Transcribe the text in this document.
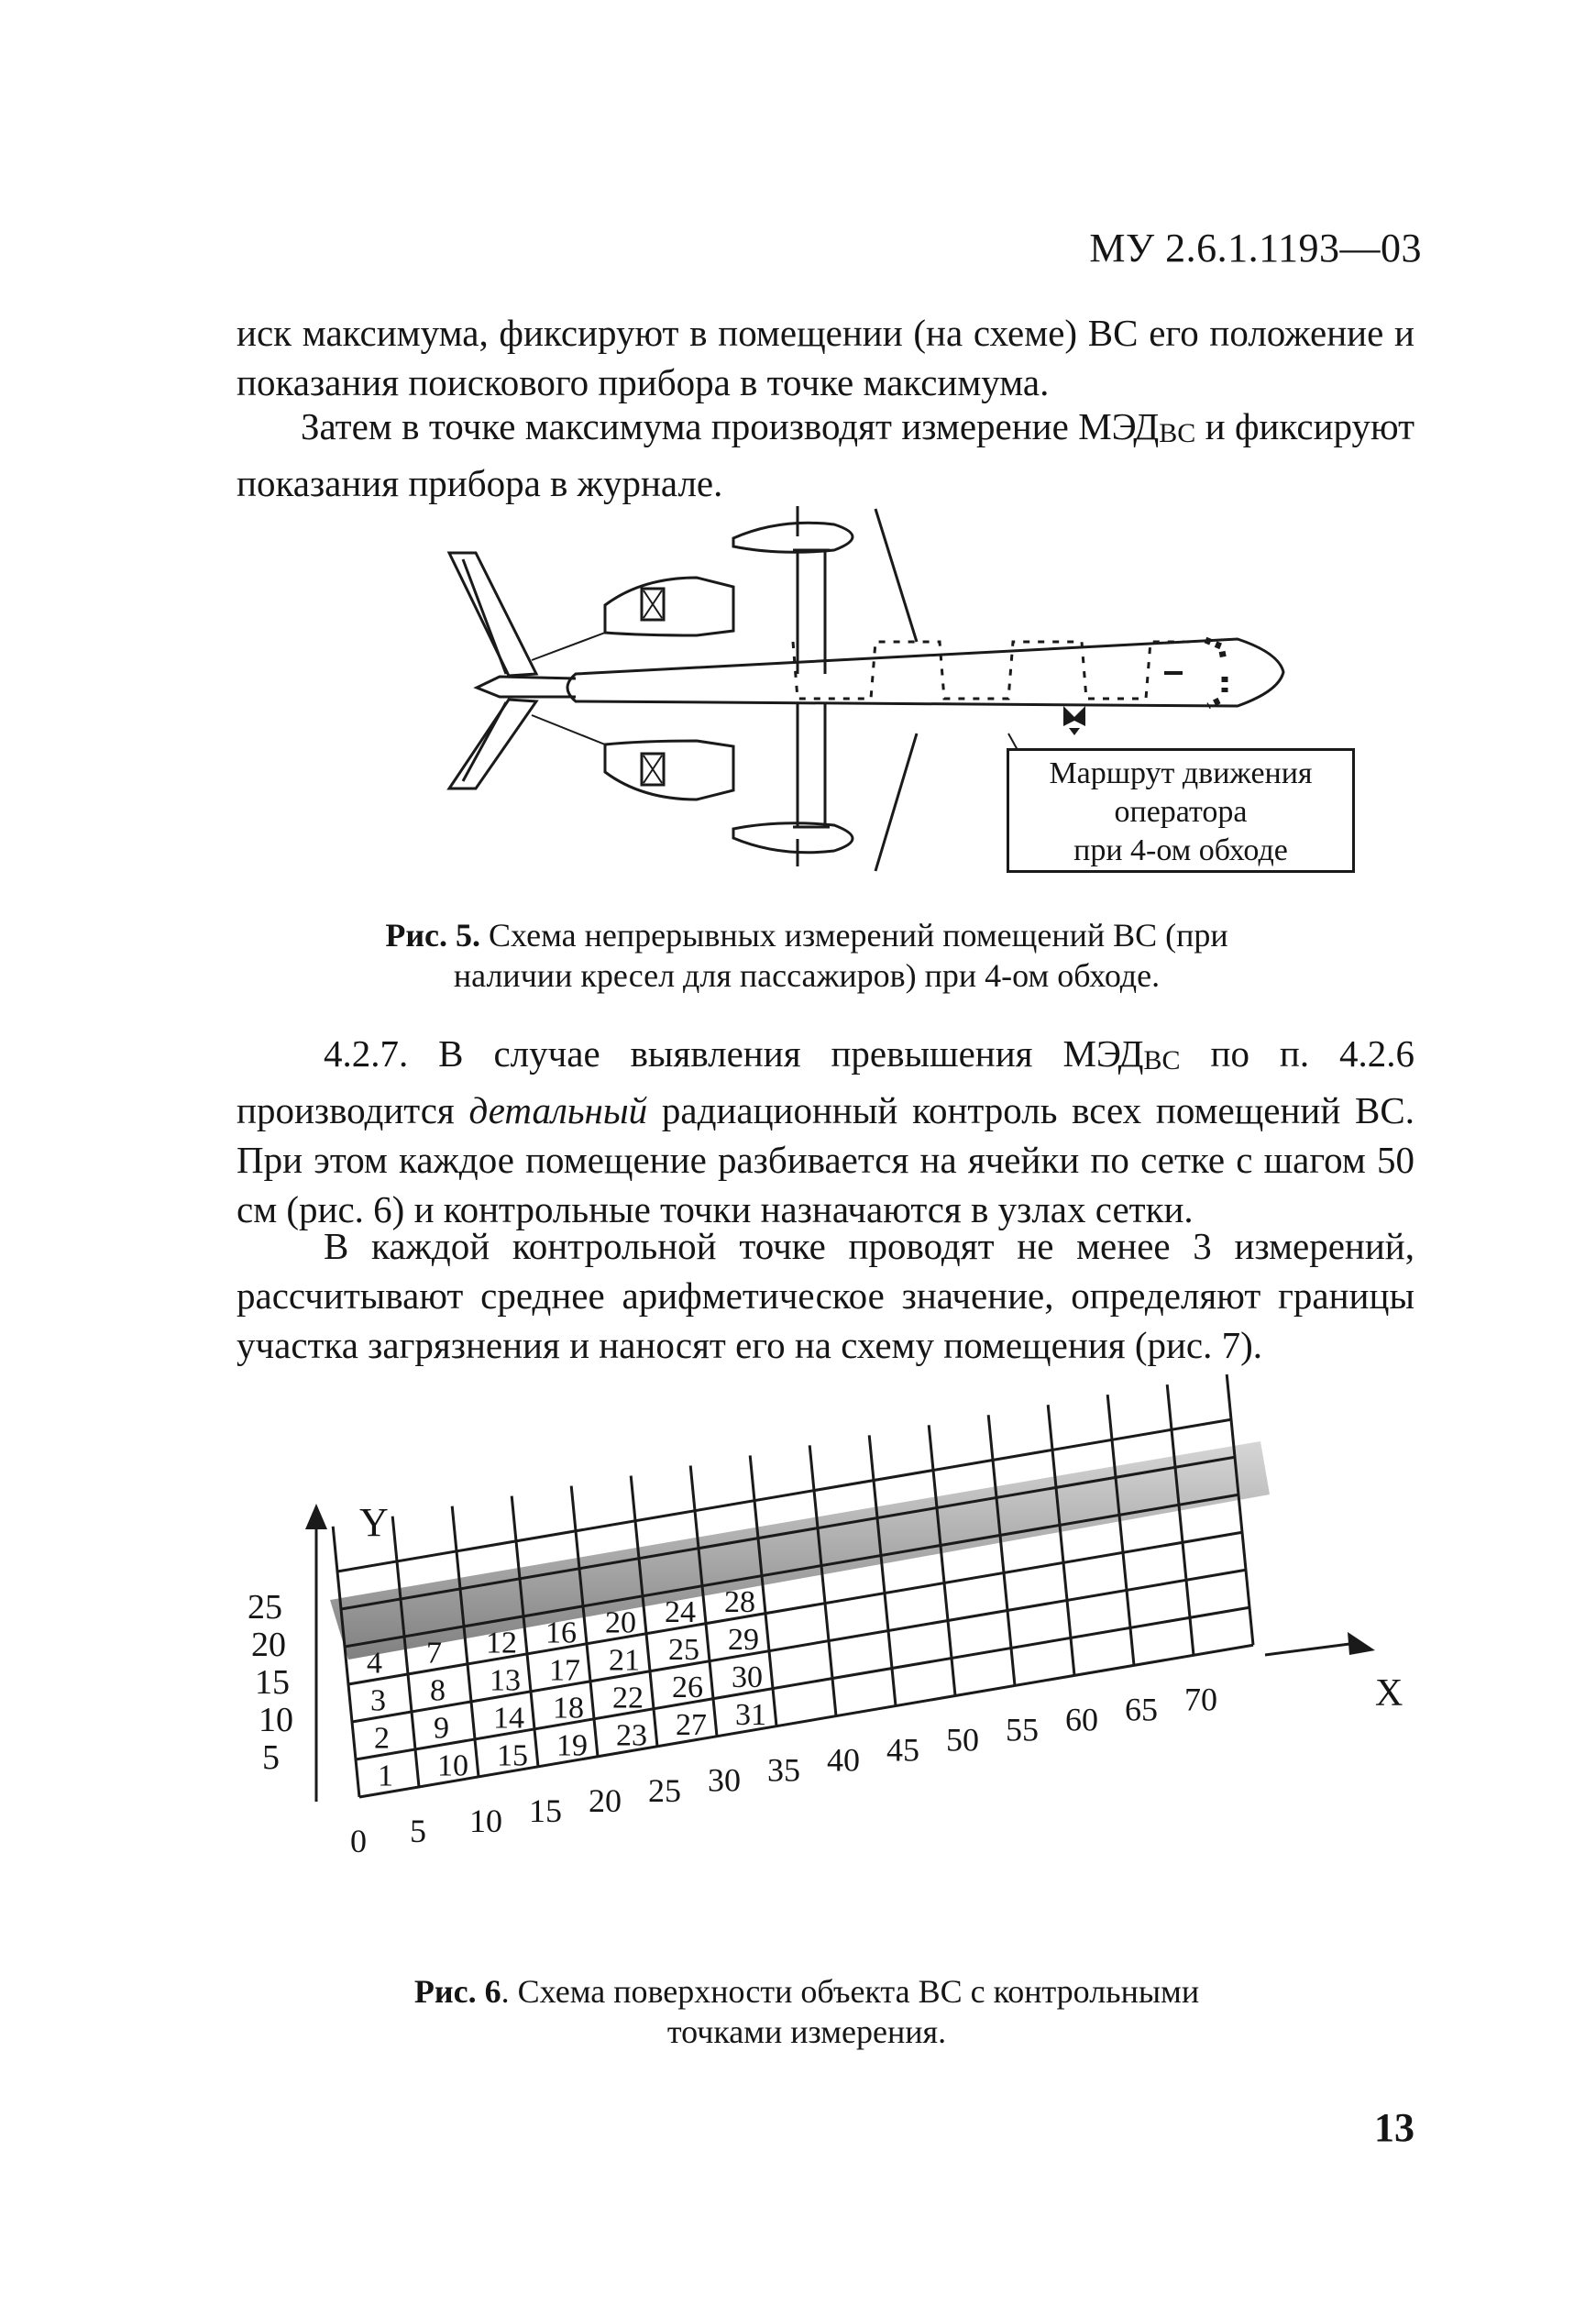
МУ 2.6.1.1193—03

иск максимума, фиксируют в помещении (на схеме) ВС его положение и показания поискового прибора в точке максимума.

Затем в точке максимума производят измерение $МЭД_{ВС}$ и фиксируют показания прибора в журнале.

Маршрут движения
оператора
при 4-ом обходе

Рис. 5. Схема непрерывных измерений помещений ВС (при наличии кресел для пассажиров) при 4-ом обходе.

4.2.7. В случае выявления превышения $МЭД_{ВС}$ по п. 4.2.6 производится детальный радиационный контроль всех помещений ВС. При этом каждое помещение разбивается на ячейки по сетке с шагом 50 см (рис. 6) и контрольные точки назначаются в узлах сетки.

В каждой контрольной точке проводят не менее 3 измерений, рассчитывают среднее арифметическое значение, определяют границы участка загрязнения и наносят его на схему помещения (рис. 7).

Y
X
25
20
15
10
5
0 5 10 15 20 25 30 35 40 45 50 55 60 65 70
4
3
2
1
7
8
9
10
12
13
14
15
16
17
18
19
20
21
22
23
24
25
26
27
28
29
30
31

Рис. 6. Схема поверхности объекта ВС с контрольными точками измерения.

13
